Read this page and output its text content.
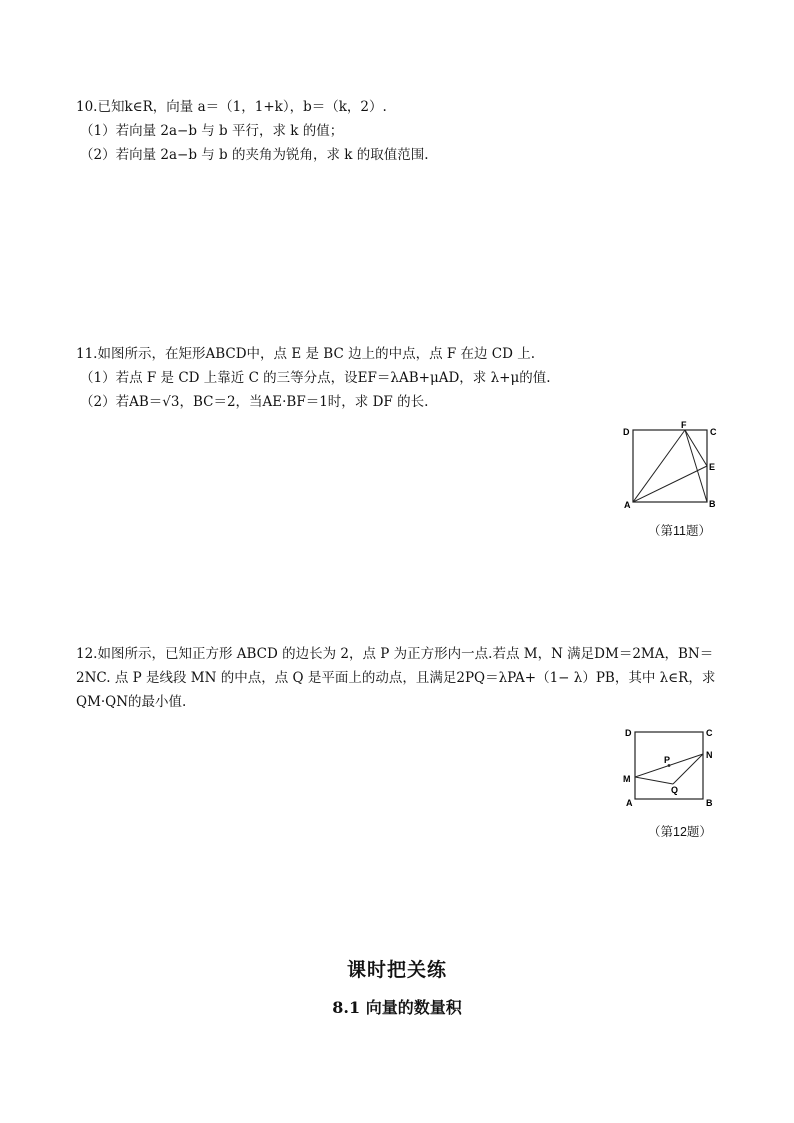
10.已知k∈R，向量 a＝（1，1+k），b＝（k，2）.
（1）若向量 2a−b 与 b 平行，求 k 的值；
（2）若向量 2a−b 与 b 的夹角为锐角，求 k 的取值范围.
11.如图所示，在矩形ABCD中，点 E 是 BC 边上的中点，点 F 在边 CD 上.
（1）若点 F 是 CD 上靠近 C 的三等分点，设EF＝λAB+μAD，求 λ+μ的值.
（2）若AB＝√3，BC＝2，当AE·BF＝1时，求 DF 的长.
D
F
C
E
A	B
（第11题）
12.如图所示，已知正方形 ABCD 的边长为 2，点 P 为正方形内一点.若点 M，N 满足DM＝2MA，BN＝
2NC. 点 P 是线段 MN 的中点，点 Q 是平面上的动点，且满足2PQ＝λPA+（1− λ）PB，其中 λ∈R，求
QM·QN的最小值.
D	C
N
P
M
Q
A	B
（第12题）
课时把关练
8.1 向量的数量积
